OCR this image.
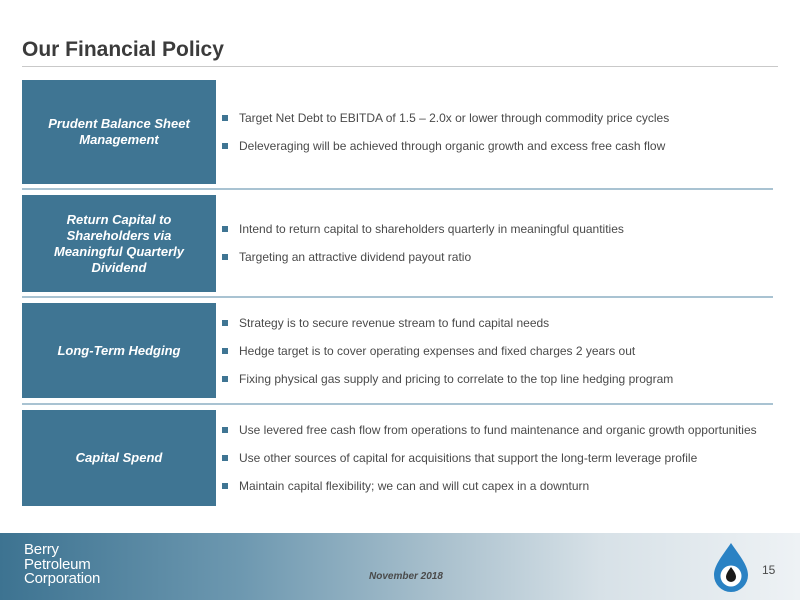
Our Financial Policy
Prudent Balance Sheet
Management
Target Net Debt to EBITDA of 1.5 – 2.0x or lower through commodity price cycles
Deleveraging will be achieved through organic growth and excess free cash flow
Return Capital to
Shareholders via
Meaningful Quarterly
Dividend
Intend to return capital to shareholders quarterly in meaningful quantities
Targeting an attractive dividend payout ratio
Long-Term Hedging
Strategy is to secure revenue stream to fund capital needs
Hedge target is to cover operating expenses and fixed charges 2 years out
Fixing physical gas supply and pricing to correlate to the top line hedging program
Capital Spend
Use levered free cash flow from operations to fund maintenance and organic growth opportunities
Use other sources of capital for acquisitions that support the long-term leverage profile
Maintain capital flexibility; we can and will cut capex in a downturn
Berry
Petroleum
Corporation	November 2018	15
